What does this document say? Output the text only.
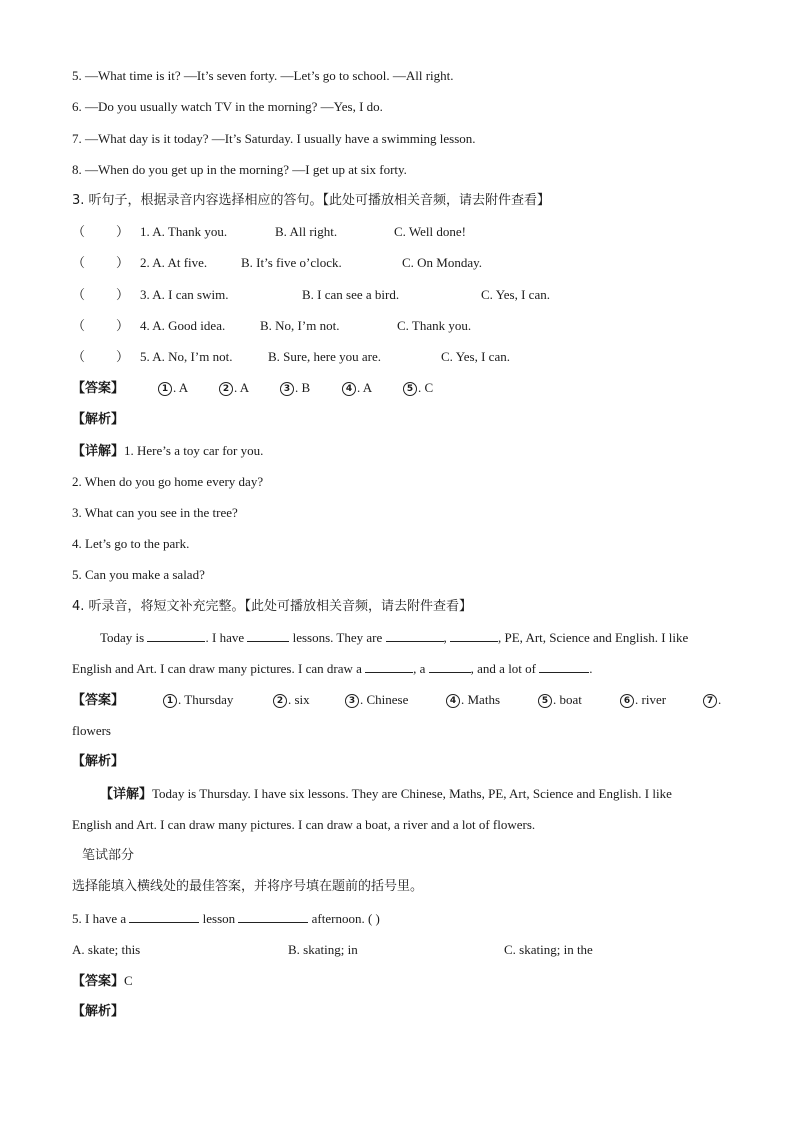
5. —What time is it? —It’s seven forty. —Let’s go to school. —All right.
6. —Do you usually watch TV in the morning? —Yes, I do.
7. —What day is it today? —It’s Saturday. I usually have a swimming lesson.
8. —When do you get up in the morning? —I get up at six forty.
3. 听句子，根据录音内容选择相应的答句。【此处可播放相关音频，请去附件查看】
（ ） 1. A. Thank you.	B. All right.	C. Well done!
（ ） 2. A. At five.	B. It’s five o’clock.	C. On Monday.
（ ） 3. A. I can swim.	B. I can see a bird.	C. Yes, I can.
（ ） 4. A. Good idea.	B. No, I’m not.	C. Thank you.
（ ） 5. A. No, I’m not.	B. Sure, here you are.	C. Yes, I can.
【答案】	1 . A	2 . A	3 . B	4 . A	5 . C
【解析】
【详解】1. Here’s a toy car for you.
2. When do you go home every day?
3. What can you see in the tree?
4. Let’s go to the park.
5. Can you make a salad?
4. 听录音，将短文补充完整。【此处可播放相关音频，请去附件查看】
Today is	. I have	lessons. They are	,	, PE, Art, Science and English. I like
English and Art. I can draw many pictures. I can draw a	, a	, and a lot of	.
【答案】	1 . Thursday	2 . six	3 . Chinese	4 . Maths	5 . boat	6 . river	7 .
flowers
【解析】
【详解】Today is Thursday. I have six lessons. They are Chinese, Maths, PE, Art, Science and English. I like
English and Art. I can draw many pictures. I can draw a boat, a river and a lot of flowers.
笔试部分
选择能填入横线处的最佳答案，并将序号填在题前的括号里。
5. I have a	lesson	afternoon. ( )
A. skate; this	B. skating; in	C. skating; in the
【答案】C
【解析】
